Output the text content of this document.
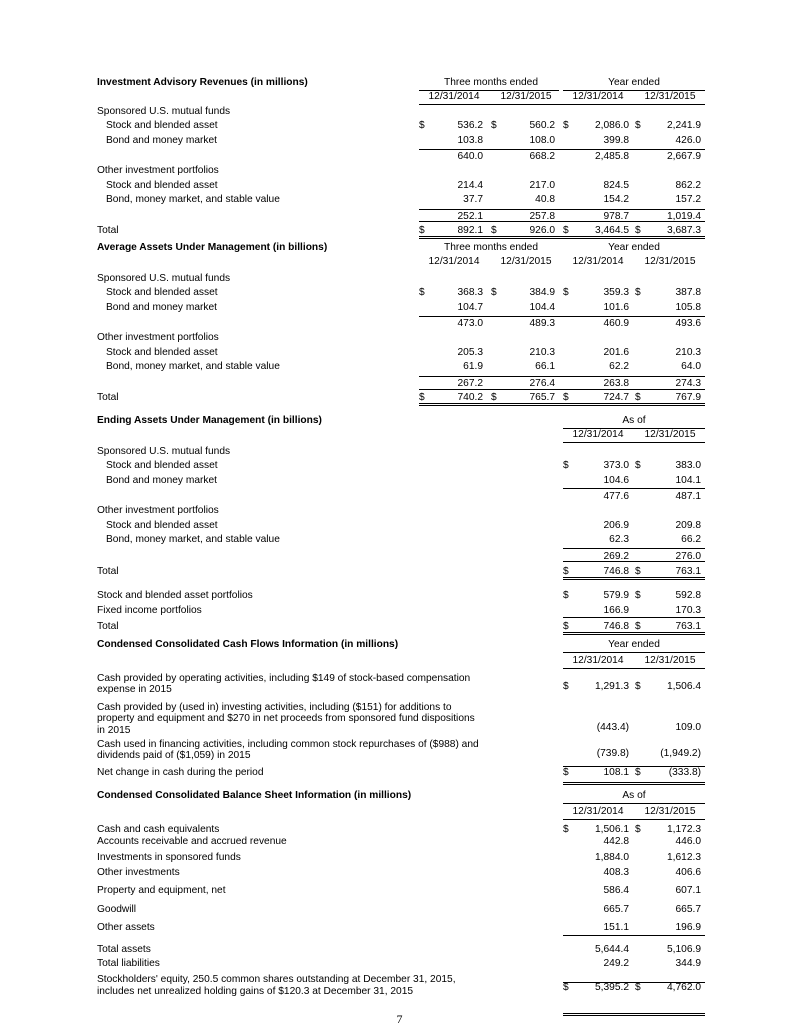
Investment Advisory Revenues (in millions)	Three months ended	Year ended
12/31/2014	12/31/2015	12/31/2014	12/31/2015
Sponsored U.S. mutual funds
Stock and blended asset	$	536.2 $	560.2 $	2,086.0 $	2,241.9
Bond and money market	103.8	108.0	399.8	426.0
640.0	668.2	2,485.8	2,667.9
Other investment portfolios
Stock and blended asset	214.4	217.0	824.5	862.2
Bond, money market, and stable value	37.7	40.8	154.2	157.2
252.1	257.8	978.7	1,019.4
Total	$	892.1 $	926.0 $	3,464.5 $	3,687.3
Average Assets Under Management (in billions)	Three months ended	Year ended
12/31/2014	12/31/2015	12/31/2014	12/31/2015
Sponsored U.S. mutual funds
Stock and blended asset	$	368.3 $	384.9 $	359.3 $	387.8
Bond and money market	104.7	104.4	101.6	105.8
473.0	489.3	460.9	493.6
Other investment portfolios
Stock and blended asset	205.3	210.3	201.6	210.3
Bond, money market, and stable value	61.9	66.1	62.2	64.0
267.2	276.4	263.8	274.3
Total	$	740.2 $	765.7 $	724.7 $	767.9
Ending Assets Under Management (in billions)	As of
12/31/2014	12/31/2015
Sponsored U.S. mutual funds
Stock and blended asset	$	373.0 $	383.0
Bond and money market	104.6	104.1
477.6	487.1
Other investment portfolios
Stock and blended asset	206.9	209.8
Bond, money market, and stable value	62.3	66.2
269.2	276.0
Total	$	746.8 $	763.1
Stock and blended asset portfolios	$	579.9 $	592.8
Fixed income portfolios	166.9	170.3
Total	$	746.8 $	763.1
Condensed Consolidated Cash Flows Information (in millions)	Year ended
12/31/2014	12/31/2015
Cash provided by operating activities, including $149 of stock-based compensation expense in 2015	$	1,291.3 $	1,506.4
Cash provided by (used in) investing activities, including ($151) for additions to property and equipment and $270 in net proceeds from sponsored fund dispositions in 2015	(443.4)	109.0
Cash used in financing activities, including common stock repurchases of ($988) and dividends paid of ($1,059) in 2015	(739.8)	(1,949.2)
Net change in cash during the period	$	108.1 $	(333.8)
Condensed Consolidated Balance Sheet Information (in millions)	As of
12/31/2014	12/31/2015
Cash and cash equivalents	$	1,506.1 $	1,172.3
Accounts receivable and accrued revenue	442.8	446.0
Investments in sponsored funds	1,884.0	1,612.3
Other investments	408.3	406.6
Property and equipment, net	586.4	607.1
Goodwill	665.7	665.7
Other assets	151.1	196.9
Total assets	5,644.4	5,106.9
Total liabilities	249.2	344.9
Stockholders' equity, 250.5 common shares outstanding at December 31, 2015, includes net unrealized holding gains of $120.3 at December 31, 2015	$	5,395.2 $	4,762.0
7
